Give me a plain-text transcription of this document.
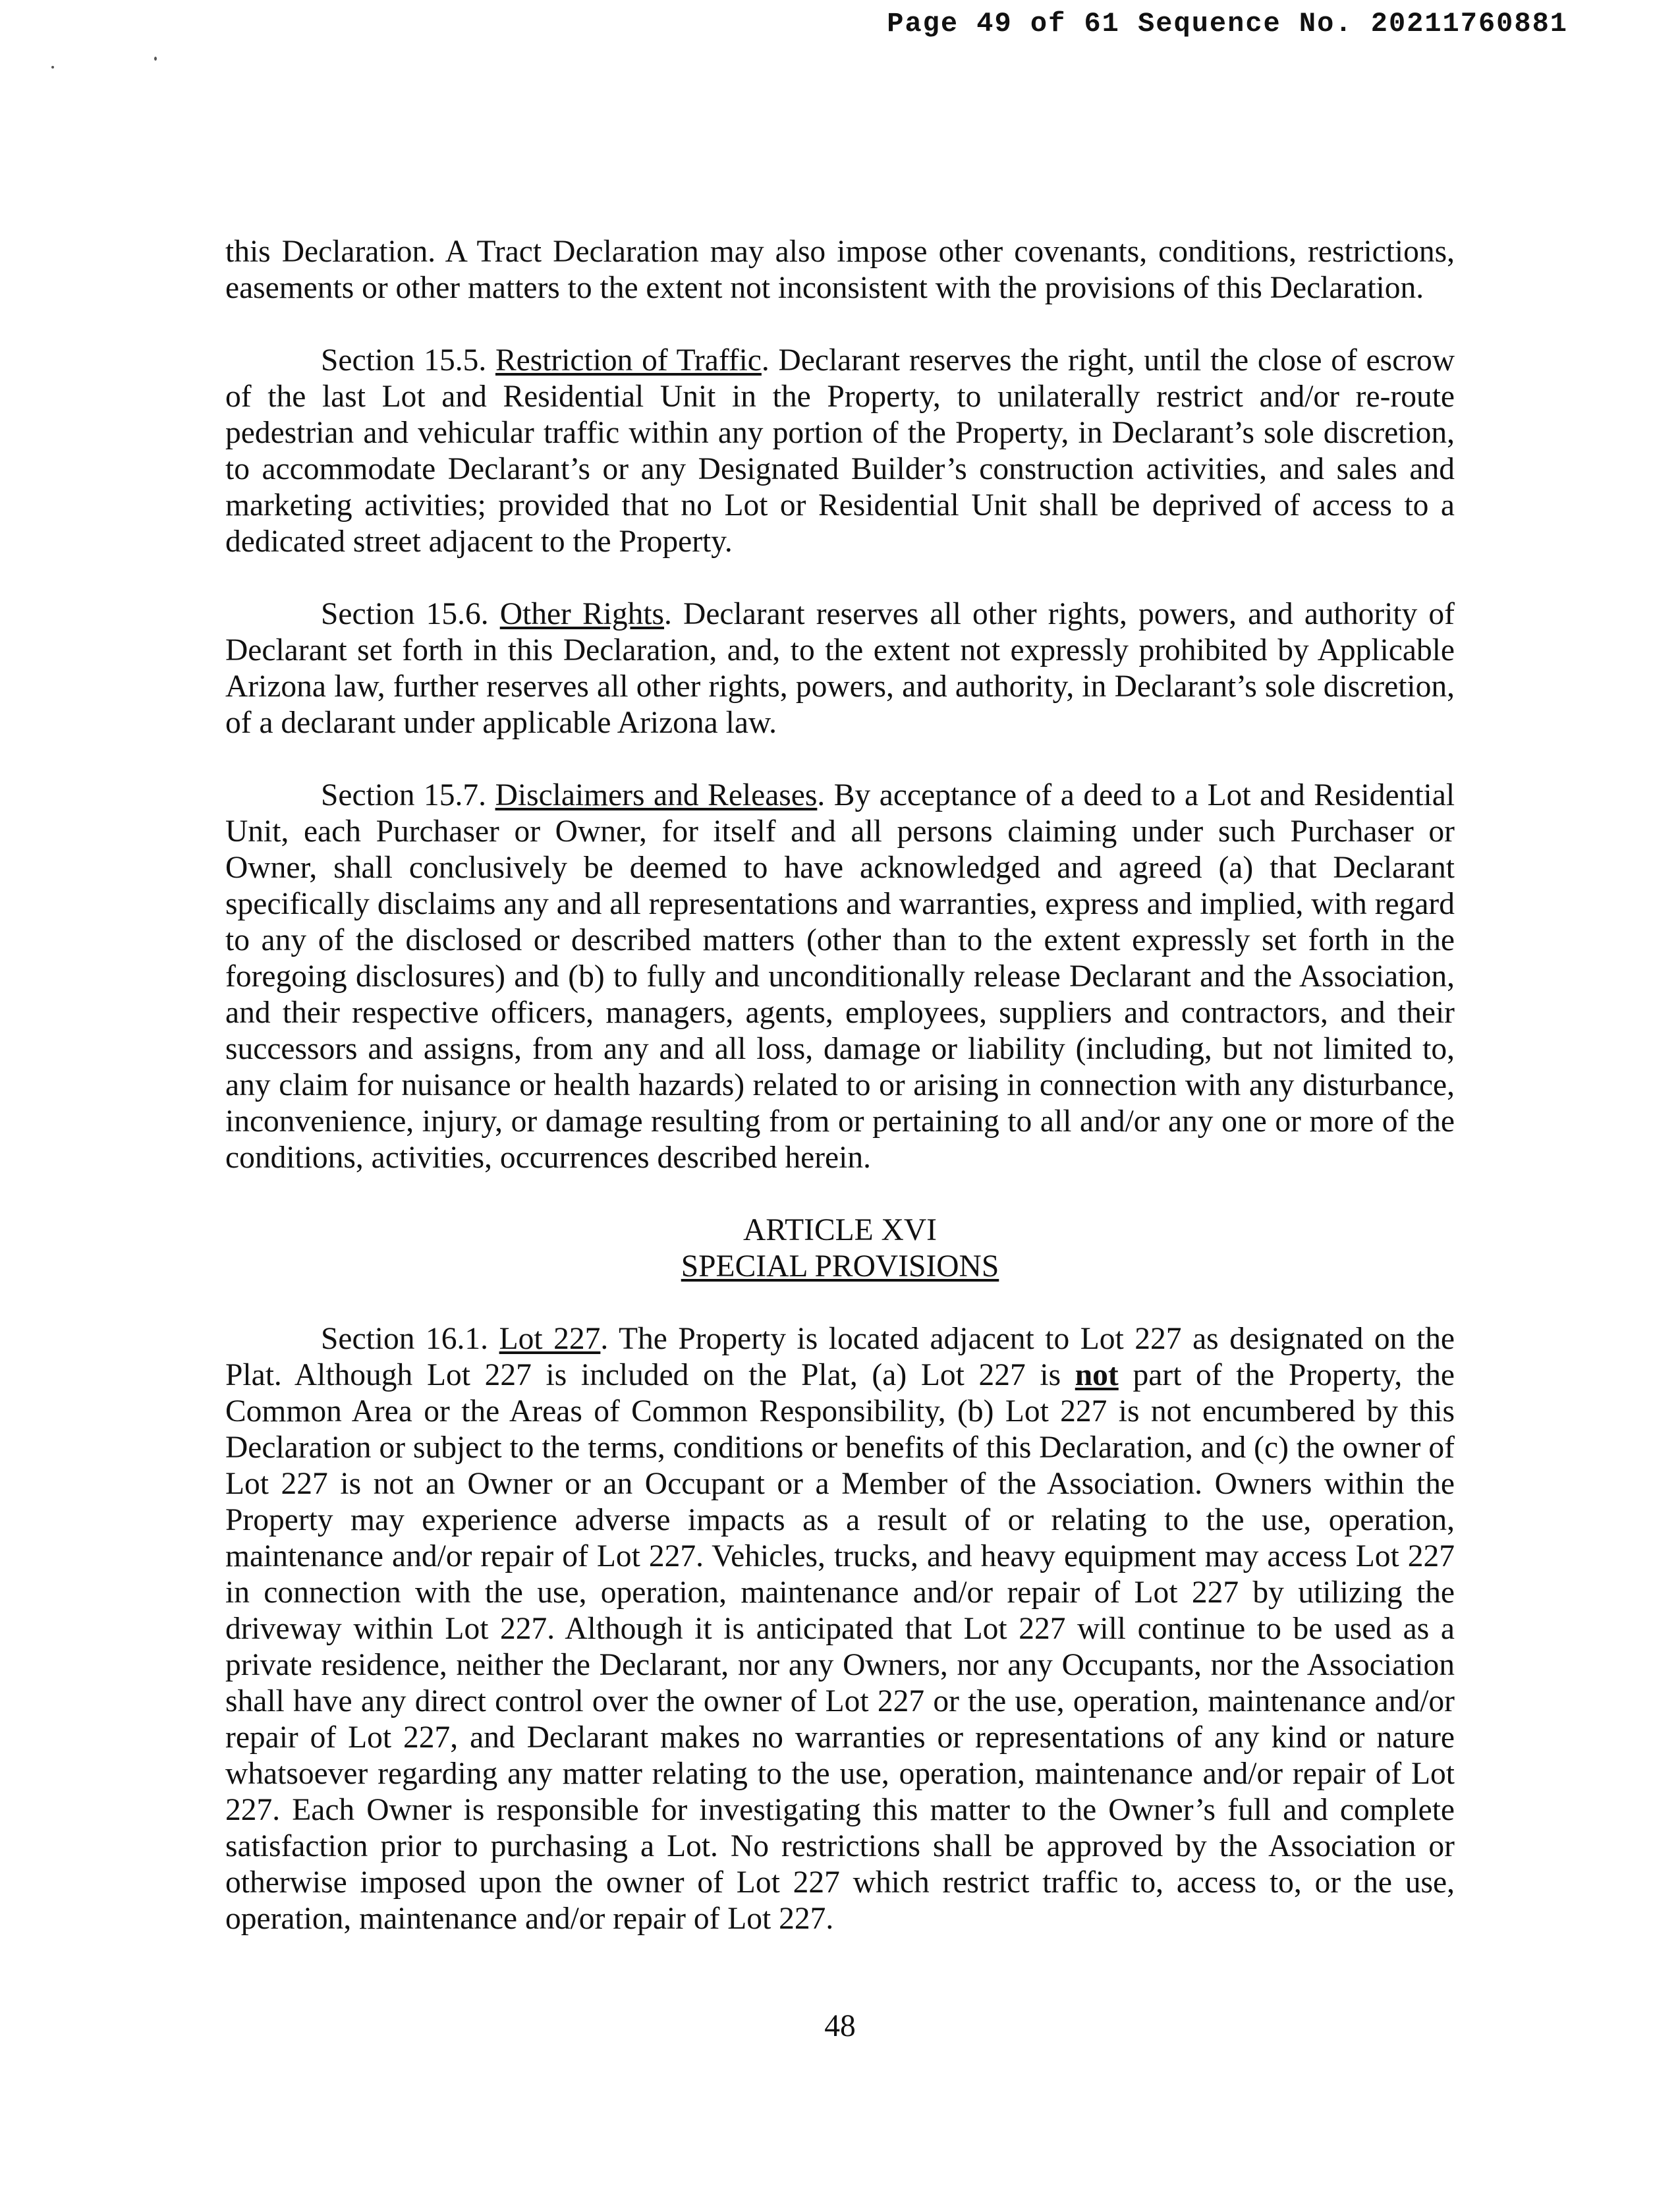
Page 49 of 61 Sequence No. 20211760881

this Declaration. A Tract Declaration may also impose other covenants, conditions, restrictions, easements or other matters to the extent not inconsistent with the provisions of this Declaration.

Section 15.5. Restriction of Traffic. Declarant reserves the right, until the close of escrow of the last Lot and Residential Unit in the Property, to unilaterally restrict and/or re-route pedestrian and vehicular traffic within any portion of the Property, in Declarant’s sole discretion, to accommodate Declarant’s or any Designated Builder’s construction activities, and sales and marketing activities; provided that no Lot or Residential Unit shall be deprived of access to a dedicated street adjacent to the Property.

Section 15.6. Other Rights. Declarant reserves all other rights, powers, and authority of Declarant set forth in this Declaration, and, to the extent not expressly prohibited by Applicable Arizona law, further reserves all other rights, powers, and authority, in Declarant’s sole discretion, of a declarant under applicable Arizona law.

Section 15.7. Disclaimers and Releases. By acceptance of a deed to a Lot and Residential Unit, each Purchaser or Owner, for itself and all persons claiming under such Purchaser or Owner, shall conclusively be deemed to have acknowledged and agreed (a) that Declarant specifically disclaims any and all representations and warranties, express and implied, with regard to any of the disclosed or described matters (other than to the extent expressly set forth in the foregoing disclosures) and (b) to fully and unconditionally release Declarant and the Association, and their respective officers, managers, agents, employees, suppliers and contractors, and their successors and assigns, from any and all loss, damage or liability (including, but not limited to, any claim for nuisance or health hazards) related to or arising in connection with any disturbance, inconvenience, injury, or damage resulting from or pertaining to all and/or any one or more of the conditions, activities, occurrences described herein.

ARTICLE XVI
SPECIAL PROVISIONS

Section 16.1. Lot 227. The Property is located adjacent to Lot 227 as designated on the Plat. Although Lot 227 is included on the Plat, (a) Lot 227 is not part of the Property, the Common Area or the Areas of Common Responsibility, (b) Lot 227 is not encumbered by this Declaration or subject to the terms, conditions or benefits of this Declaration, and (c) the owner of Lot 227 is not an Owner or an Occupant or a Member of the Association. Owners within the Property may experience adverse impacts as a result of or relating to the use, operation, maintenance and/or repair of Lot 227. Vehicles, trucks, and heavy equipment may access Lot 227 in connection with the use, operation, maintenance and/or repair of Lot 227 by utilizing the driveway within Lot 227. Although it is anticipated that Lot 227 will continue to be used as a private residence, neither the Declarant, nor any Owners, nor any Occupants, nor the Association shall have any direct control over the owner of Lot 227 or the use, operation, maintenance and/or repair of Lot 227, and Declarant makes no warranties or representations of any kind or nature whatsoever regarding any matter relating to the use, operation, maintenance and/or repair of Lot 227. Each Owner is responsible for investigating this matter to the Owner’s full and complete satisfaction prior to purchasing a Lot. No restrictions shall be approved by the Association or otherwise imposed upon the owner of Lot 227 which restrict traffic to, access to, or the use, operation, maintenance and/or repair of Lot 227.

48
